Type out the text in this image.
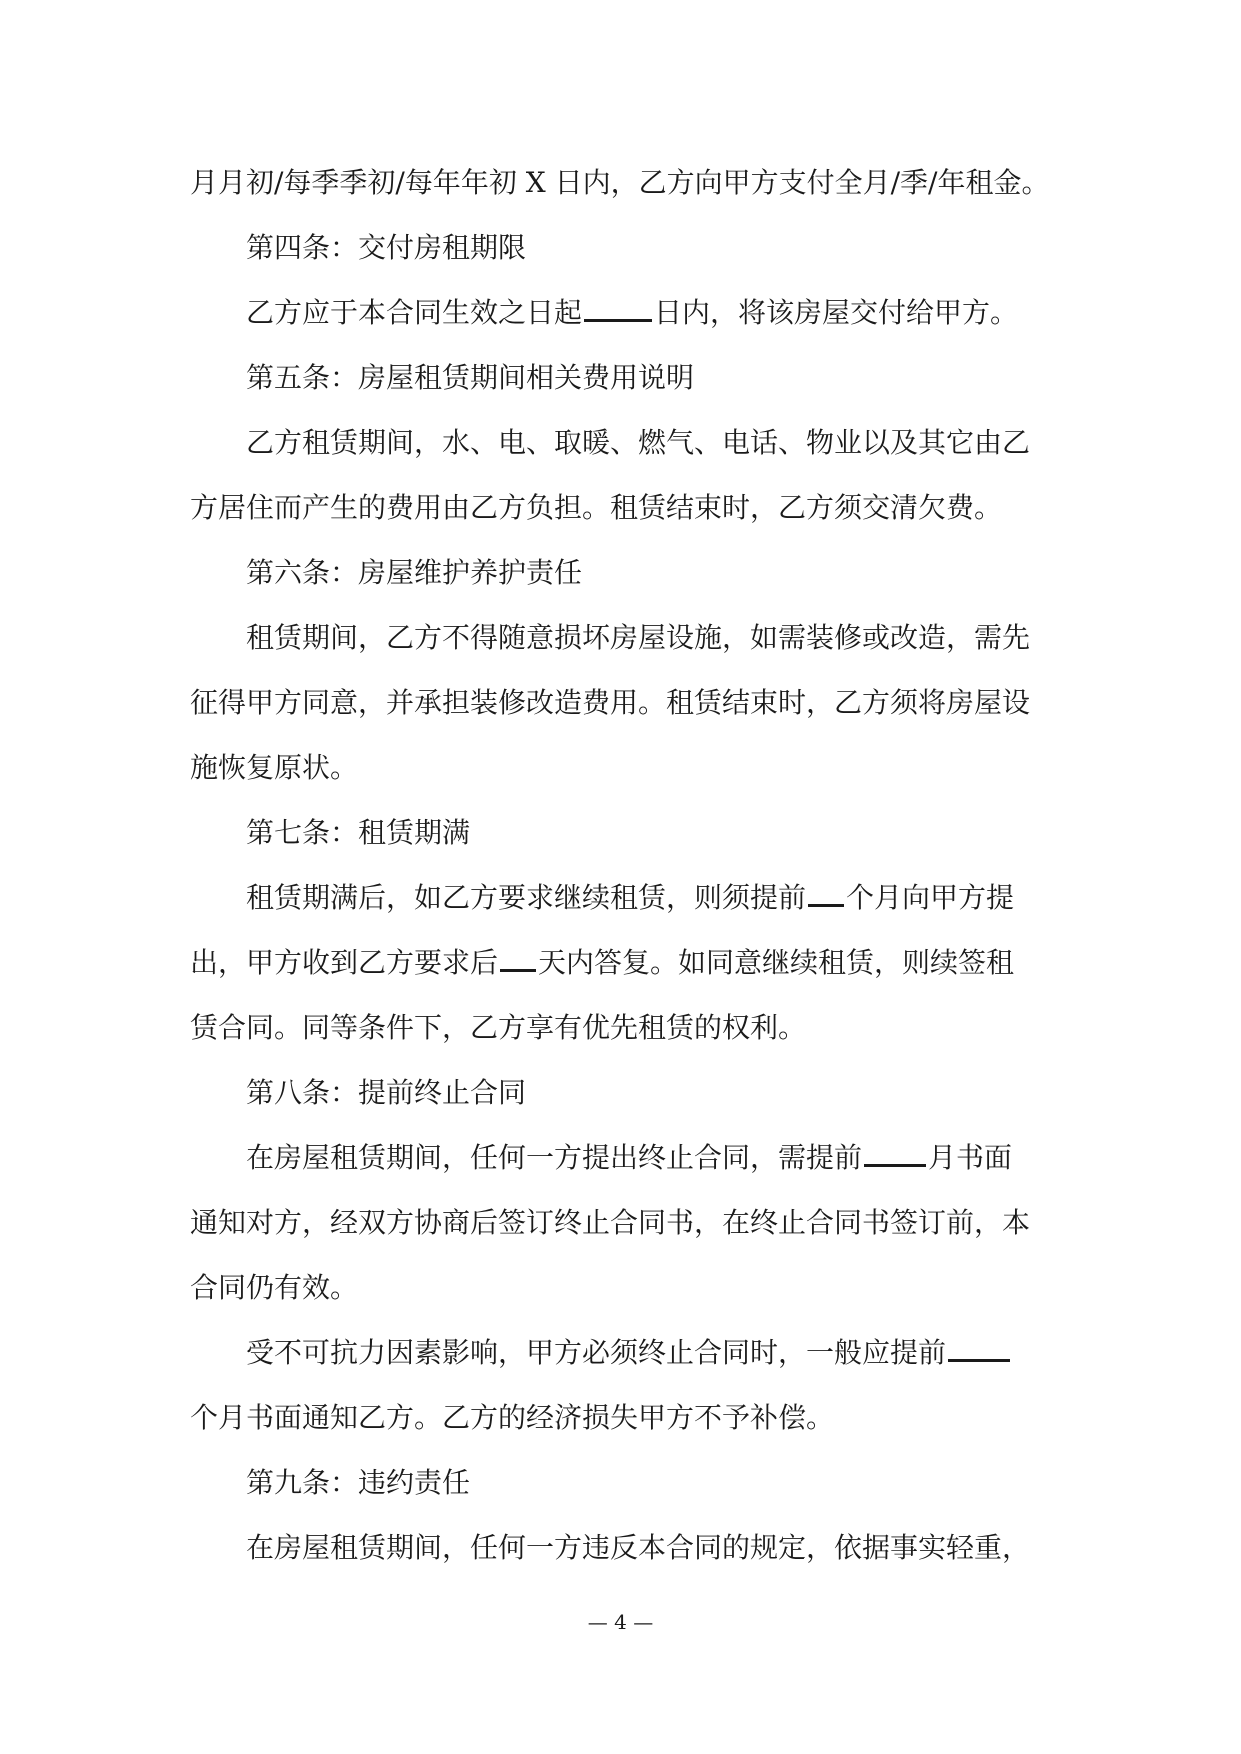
月月初/每季季初/每年年初 X 日内，乙方向甲方支付全月/季/年租金。
第四条：交付房租期限
乙方应于本合同生效之日起	日内，将该房屋交付给甲方。
第五条：房屋租赁期间相关费用说明
乙方租赁期间，水、电、取暖、燃气、电话、物业以及其它由乙
方居住而产生的费用由乙方负担。租赁结束时，乙方须交清欠费。
第六条：房屋维护养护责任
租赁期间，乙方不得随意损坏房屋设施，如需装修或改造，需先
征得甲方同意，并承担装修改造费用。租赁结束时，乙方须将房屋设
施恢复原状。
第七条：租赁期满
租赁期满后，如乙方要求继续租赁，则须提前 个月向甲方提
出，甲方收到乙方要求后 天内答复。如同意继续租赁，则续签租
赁合同。同等条件下，乙方享有优先租赁的权利。
第八条：提前终止合同
在房屋租赁期间，任何一方提出终止合同，需提前 月书面
通知对方，经双方协商后签订终止合同书，在终止合同书签订前，本
合同仍有效。
受不可抗力因素影响，甲方必须终止合同时，一般应提前
个月书面通知乙方。乙方的经济损失甲方不予补偿。
第九条：违约责任
在房屋租赁期间，任何一方违反本合同的规定，依据事实轻重，
— 4 —
